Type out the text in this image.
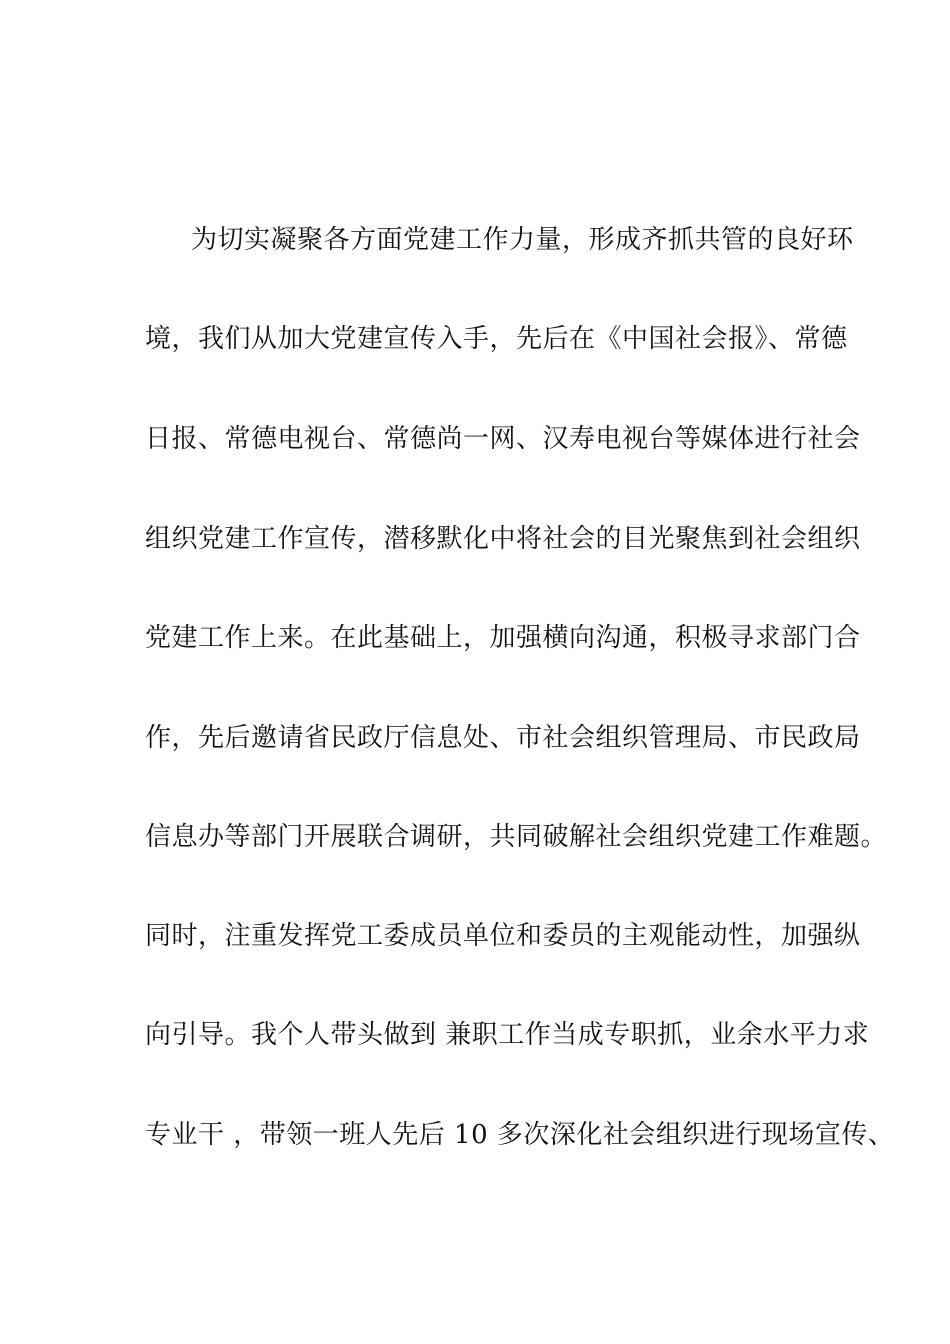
为切实凝聚各方面党建工作力量，形成齐抓共管的良好环
境，我们从加大党建宣传入手，先后在《中国社会报》、常德
日报、常德电视台、常德尚一网、汉寿电视台等媒体进行社会
组织党建工作宣传，潜移默化中将社会的目光聚焦到社会组织
党建工作上来。在此基础上，加强横向沟通，积极寻求部门合
作，先后邀请省民政厅信息处、市社会组织管理局、市民政局
信息办等部门开展联合调研，共同破解社会组织党建工作难题。
同时，注重发挥党工委成员单位和委员的主观能动性，加强纵
向引导。我个人带头做到 兼职工作当成专职抓，业余水平力求
专业干 ，带领一班人先后 10 多次深化社会组织进行现场宣传、
